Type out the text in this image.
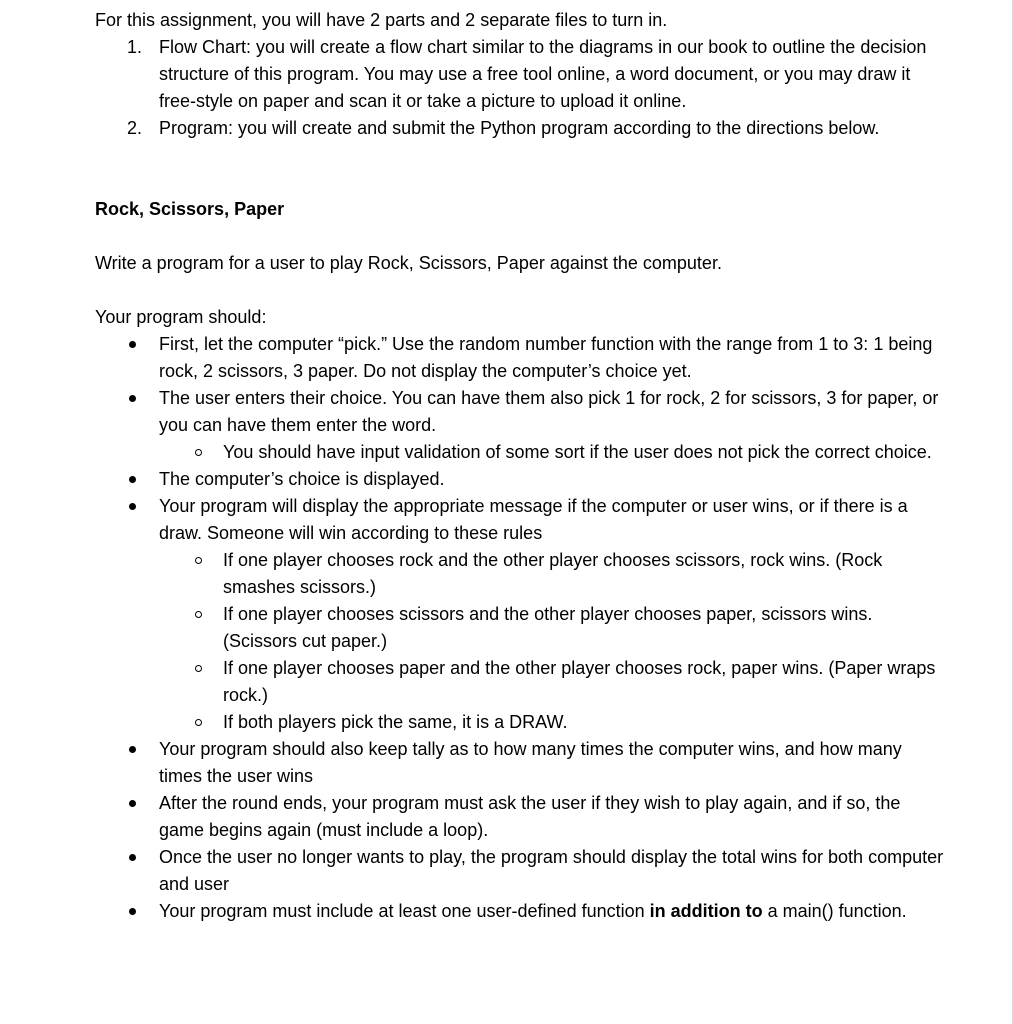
For this assignment, you will have 2 parts and 2 separate files to turn in.

1. Flow Chart: you will create a flow chart similar to the diagrams in our book to outline the decision structure of this program. You may use a free tool online, a word document, or you may draw it free-style on paper and scan it or take a picture to upload it online.
2. Program: you will create and submit the Python program according to the directions below.

Rock, Scissors, Paper

Write a program for a user to play Rock, Scissors, Paper against the computer.

Your program should:

First, let the computer “pick.” Use the random number function with the range from 1 to 3: 1 being rock, 2 scissors, 3 paper. Do not display the computer’s choice yet.
The user enters their choice. You can have them also pick 1 for rock, 2 for scissors, 3 for paper, or you can have them enter the word.
You should have input validation of some sort if the user does not pick the correct choice.
The computer’s choice is displayed.
Your program will display the appropriate message if the computer or user wins, or if there is a draw. Someone will win according to these rules
If one player chooses rock and the other player chooses scissors, rock wins. (Rock smashes scissors.)
If one player chooses scissors and the other player chooses paper, scissors wins. (Scissors cut paper.)
If one player chooses paper and the other player chooses rock, paper wins. (Paper wraps rock.)
If both players pick the same, it is a DRAW.
Your program should also keep tally as to how many times the computer wins, and how many times the user wins
After the round ends, your program must ask the user if they wish to play again, and if so, the game begins again (must include a loop).
Once the user no longer wants to play, the program should display the total wins for both computer and user
Your program must include at least one user-defined function in addition to a main() function.
